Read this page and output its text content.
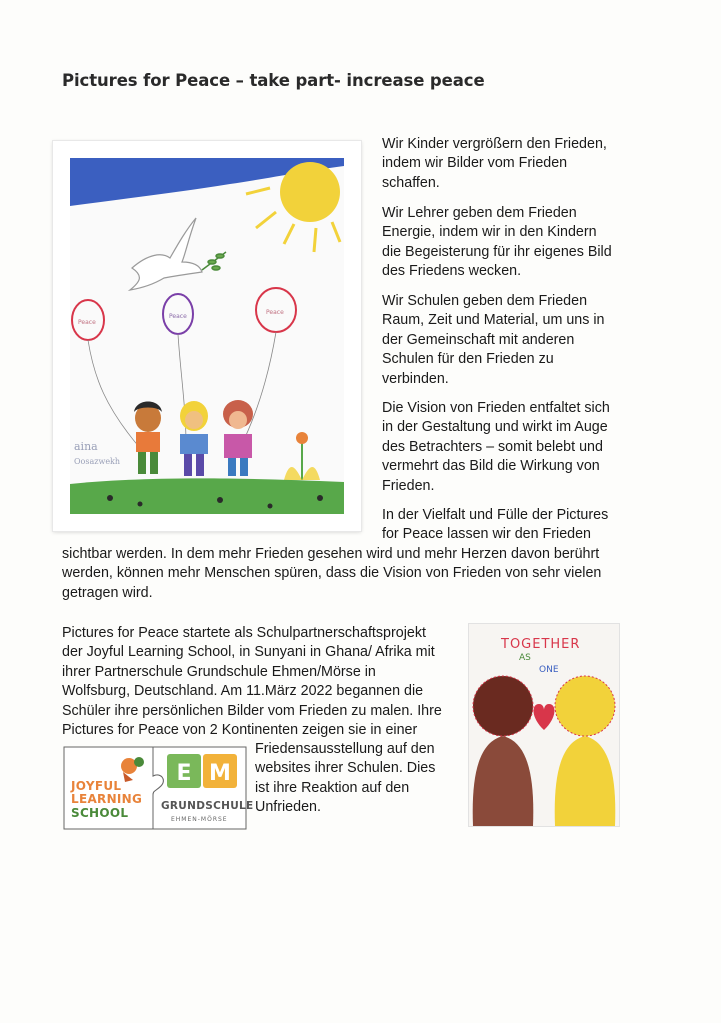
Pictures for Peace – take part- increase peace
Peace
Peace
Peace
aina
Oosazwekh

Wir Kinder vergrößern den Frieden,
indem wir Bilder vom Frieden
schaffen.

Wir Lehrer geben dem Frieden
Energie, indem wir in den Kindern
die Begeisterung für ihr eigenes Bild
des Friedens wecken.

Wir Schulen geben dem Frieden
Raum, Zeit und Material, um uns in
der Gemeinschaft mit anderen
Schulen für den Frieden zu
verbinden.

Die Vision von Frieden entfaltet sich
in der Gestaltung und wirkt im Auge
des Betrachters – somit belebt und
vermehrt das Bild die Wirkung von
Frieden.

In der Vielfalt und Fülle der Pictures
for Peace lassen wir den Frieden

sichtbar werden. In dem mehr Frieden gesehen wird und mehr Herzen davon berührt
werden, können mehr Menschen spüren, dass die Vision von Frieden von sehr vielen
getragen wird.

Pictures for Peace startete als Schulpartnerschaftsprojekt
der Joyful Learning School, in Sunyani in Ghana/ Afrika mit
ihrer Partnerschule Grundschule Ehmen/Mörse in
Wolfsburg, Deutschland. Am 11.März 2022 begannen die
Schüler ihre persönlichen Bilder vom Frieden zu malen. Ihre
Pictures for Peace von 2 Kontinenten zeigen sie in einer

Friedensausstellung auf den
websites ihrer Schulen. Dies
ist ihre Reaktion auf den
Unfrieden.

E M
JOYFUL
LEARNING
SCHOOL	GRUNDSCHULE
EHMEN-MÖRSE
TOGETHER
AS
ONE
